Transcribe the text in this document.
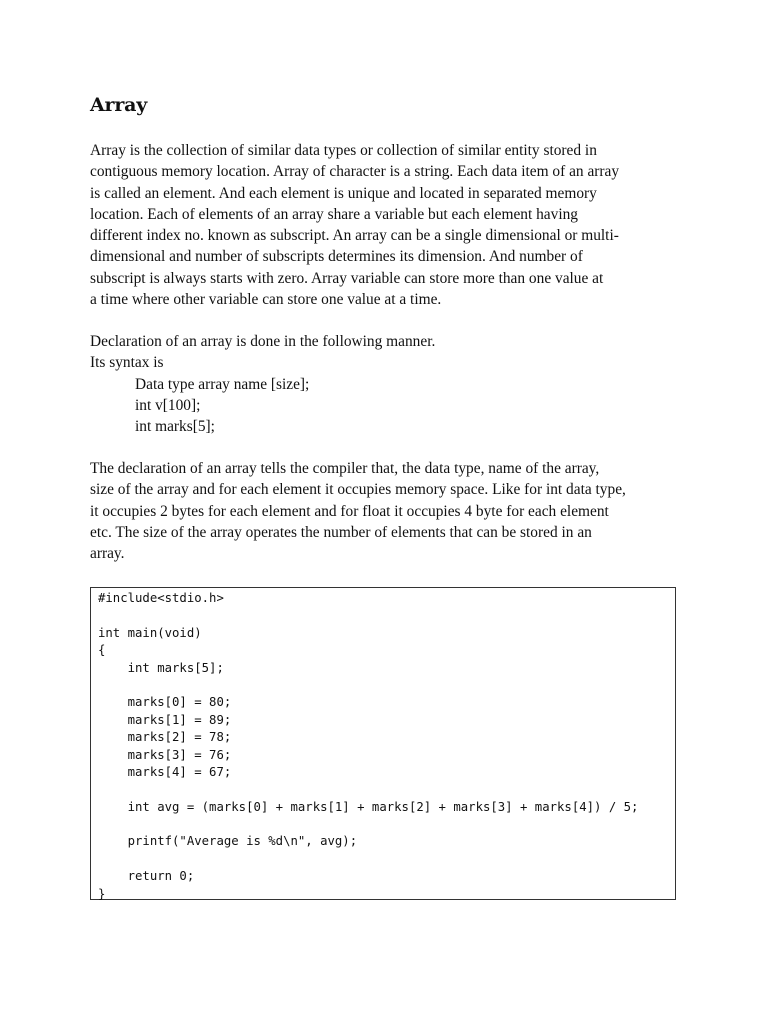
Array
Array is the collection of similar data types or collection of similar entity stored in
contiguous memory location. Array of character is a string. Each data item of an array
is called an element. And each element is unique and located in separated memory
location. Each of elements of an array share a variable but each element having
different index no. known as subscript. An array can be a single dimensional or multi-
dimensional and number of subscripts determines its dimension. And number of
subscript is always starts with zero. Array variable can store more than one value at
a time where other variable can store one value at a time.
Declaration of an array is done in the following manner.
Its syntax is
Data type array name [size];
int v[100];
int marks[5];
The declaration of an array tells the compiler that, the data type, name of the array,
size of the array and for each element it occupies memory space. Like for int data type,
it occupies 2 bytes for each element and for float it occupies 4 byte for each element
etc. The size of the array operates the number of elements that can be stored in an
array.
#include<stdio.h>
int main(void)
{
int marks[5];
marks[0] = 80;
marks[1] = 89;
marks[2] = 78;
marks[3] = 76;
marks[4] = 67;
int avg = (marks[0] + marks[1] + marks[2] + marks[3] + marks[4]) / 5;
printf("Average is %d\n", avg);
return 0;
}
